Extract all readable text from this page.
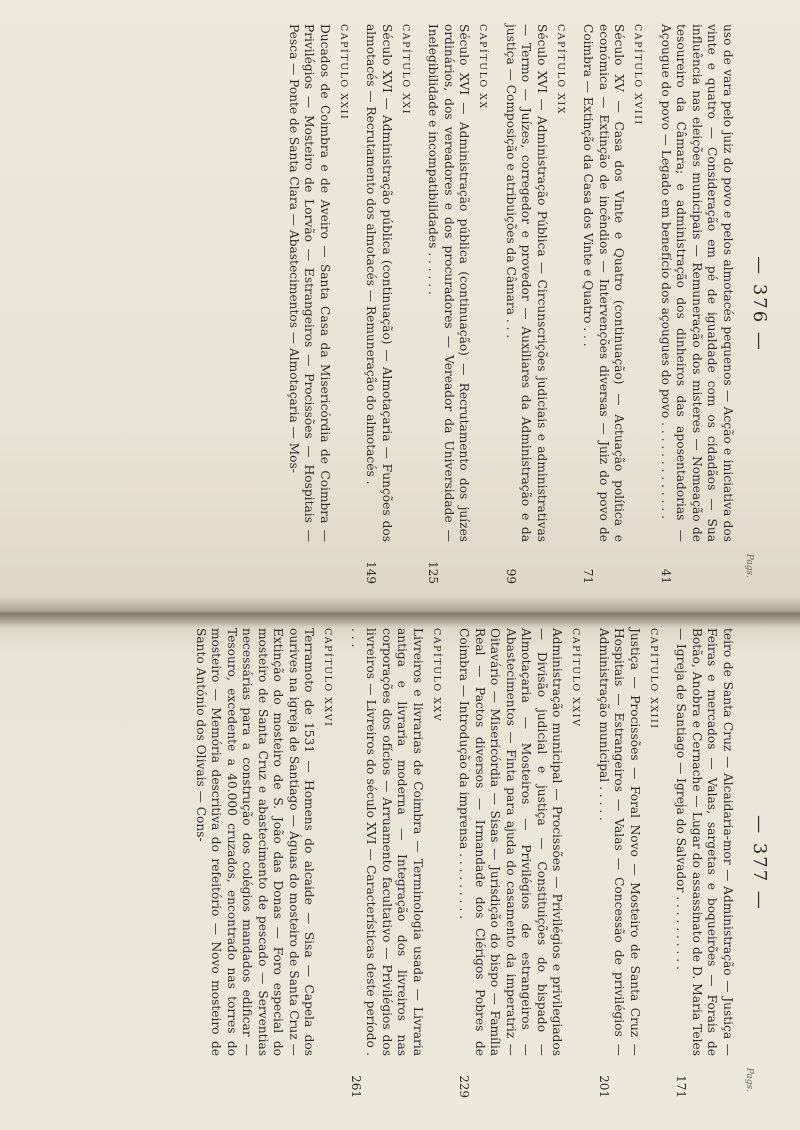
— 376 —
Pags.
uso de vara pelo juiz do povo e pelos almotacés pequenos — Acção e iniciativa dos vinte e quatro — Consideração em pé de igualdade com os cidadãos — Sua influência nas eleições municipais — Remuneração dos misteres — Nomeação de tesoureiro da Câmara; e administração dos dinheiros das aposentadorias — Açougue do povo — Legado em benefício dos açougues do povo . . . . . . . . . . . . .
41
CAPÍTULO XVIII
Século XV — Casa dos Vinte e Quatro (continuação) — Actuação política e económica — Extinção de incêndios — Intervenções diversas — Juiz do povo de Coimbra — Extinção da Casa dos Vinte e Quatro . . .
71
CAPÍTULO XIX
Século XVI — Administração Pública — Circunscrições judiciais e administrativas — Termo — Juízes, corregedor e provedor — Auxiliares da Administração e da justiça — Composição e atribuições da Câmara . . .
99
CAPÍTULO XX
Século XVI — Administração pública (continuação) — Recrutamento dos juízes ordinários, dos vereadores e dos procuradores — Vereador da Universidade — Inelegibilidade e incompatibilidades . . . . . .
125
CAPÍTULO XXI
Século XVI — Administração pública (continuação) — Almotaçaria — Funções dos almotacés — Recrutamento dos almotacés — Remuneração do almotacés .
149
CAPÍTULO XXII
Ducados de Coimbra e de Aveiro — Santa Casa da Misericórdia de Coimbra — Privilégios — Mosteiro de Lorvão — Estrangeiros — Procissões — Hospitais — Pesca — Ponte de Santa Clara — Abastecimentos — Almotaçaria — Mos-
— 377 —
Pags.
teiro de Santa Cruz — Alcaidaria-mor — Administração — Justiça — Feiras e mercados — Valas, sargetas e boqueirões — Forais de Botão, Anobra e Cernache — Lugar do assassinato de D. Maria Teles — Igreja de Santiago — Igreja do Salvador . . . . . . . . . .
171
CAPÍTULO XXIII
Justiça — Procissões — Foral Novo — Mosteiro de Santa Cruz — Hospitais — Estrangeiros — Valas — Concessão de privilégios — Administração municipal . . . . .
201
CAPÍTULO XXIV
Administração municipal — Procissões — Privilégios e privilegiados — Divisão judicial e justiça — Constituições do bispado — Almotaçaria — Mosteiros — Privilégios de estrangeiros — Abastecimentos — Finta para ajuda do casamento da imperatriz — Oitavário — Misericórdia — Sisas — Jurisdição do bispo — Família Real — Pactos diversos — Irmandade dos Clérigos Pobres de Coimbra — Introdução da imprensa . . . . . . . . .
229
CAPÍTULO XXV
Livreiros e livrarias de Coimbra — Terminologia usada — Livraria antiga e livraria moderna — Integração dos livreiros nas corporações dos ofícios — Arruamento facultativo — Privilégios dos livreiros — Livreiros do século XVI — Características deste período . . . .
261
CAPÍTULO XXVI
Terramoto de 1531 — Homens do alcaide — Sisa — Capela dos ourives na igreja de Santiago — Águas do mosteiro de Santa Cruz — Extinção do mosteiro de S. João das Donas — Foro especial do mosteiro de Santa Cruz e abastecimento de pescado — Serventias necessárias para a construção dos colégios mandados edificar — Tesouro, excedente a 40.000 cruzados, encontrado nas torres do mosteiro — Memória descritiva do refeitório — Novo mosteiro de Santo António dos Olivais — Cons-
